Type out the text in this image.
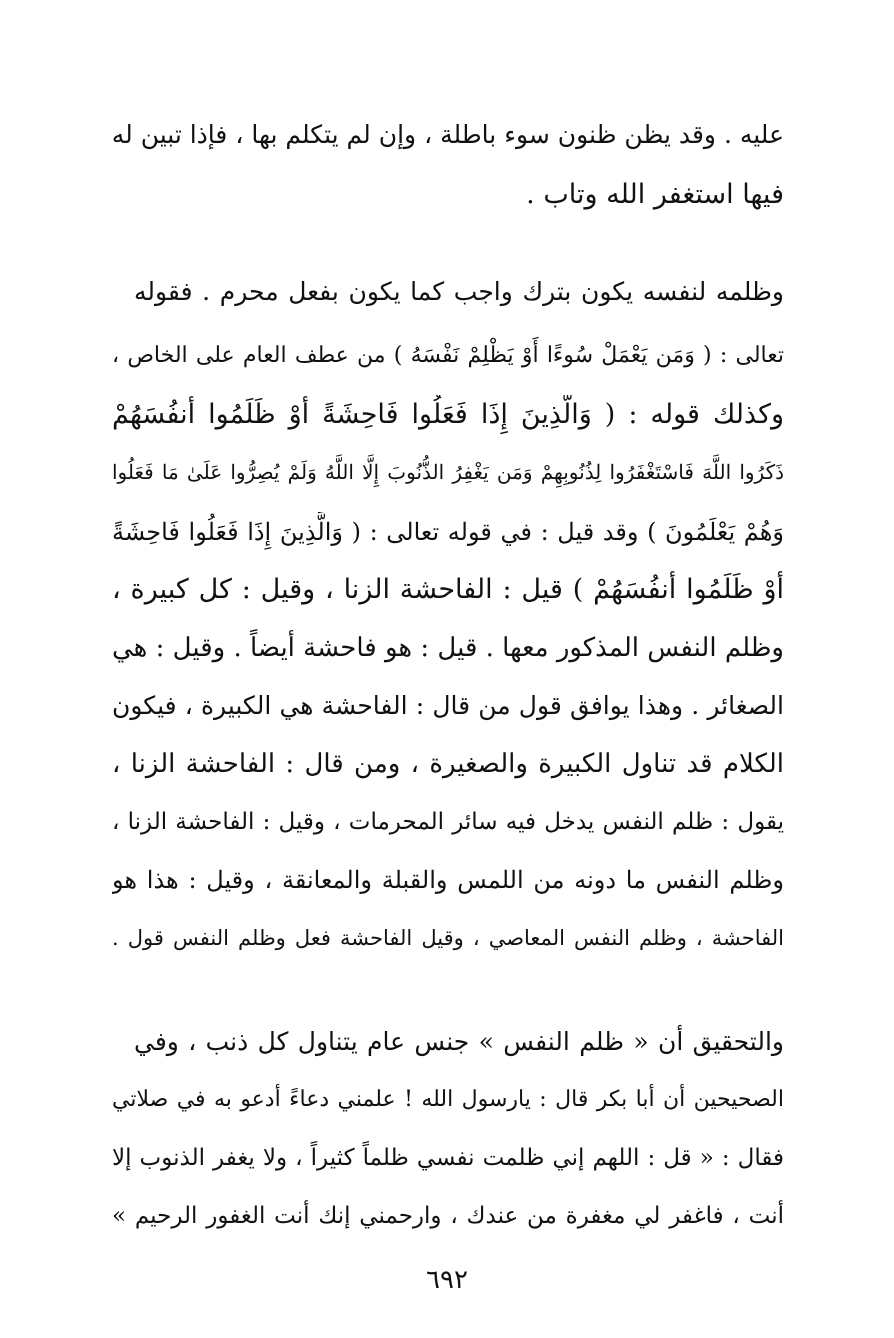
عليه . وقد يظن ظنون سوء باطلة ، وإن لم يتكلم بها ، فإذا تبين له
فيها استغفر الله وتاب .
وظلمه لنفسه يكون بترك واجب كما يكون بفعل محرم . فقوله
تعالى : ( وَمَن يَعْمَلْ سُوءًا أَوْ يَظْلِمْ نَفْسَهُ ) من عطف العام على الخاص ،
وكذلك قوله : ( وَالَّذِينَ إِذَا فَعَلُوا فَاحِشَةً أَوْ ظَلَمُوا أَنفُسَهُمْ
ذَكَرُوا اللَّهَ فَاسْتَغْفَرُوا لِذُنُوبِهِمْ وَمَن يَغْفِرُ الذُّنُوبَ إِلَّا اللَّهُ وَلَمْ يُصِرُّوا عَلَىٰ مَا فَعَلُوا
وَهُمْ يَعْلَمُونَ ) وقد قيل : في قوله تعالى : ( وَالَّذِينَ إِذَا فَعَلُوا فَاحِشَةً
أَوْ ظَلَمُوا أَنفُسَهُمْ ) قيل : الفاحشة الزنا ، وقيل : كل كبيرة ،
وظلم النفس المذكور معها . قيل : هو فاحشة أيضاً . وقيل : هي
الصغائر . وهذا يوافق قول من قال : الفاحشة هي الكبيرة ، فيكون
الكلام قد تناول الكبيرة والصغيرة ، ومن قال : الفاحشة الزنا ،
يقول : ظلم النفس يدخل فيه سائر المحرمات ، وقيل : الفاحشة الزنا ،
وظلم النفس ما دونه من اللمس والقبلة والمعانقة ، وقيل : هذا هو
الفاحشة ، وظلم النفس المعاصي ، وقيل الفاحشة فعل وظلم النفس قول .
والتحقيق أن « ظلم النفس » جنس عام يتناول كل ذنب ، وفي
الصحيحين أن أبا بكر قال : يارسول الله ! علمني دعاءً أدعو به في صلاتي
فقال : « قل : اللهم إني ظلمت نفسي ظلماً كثيراً ، ولا يغفر الذنوب إلا
أنت ، فاغفر لي مغفرة من عندك ، وارحمني إنك أنت الغفور الرحيم »
٦٩٢
